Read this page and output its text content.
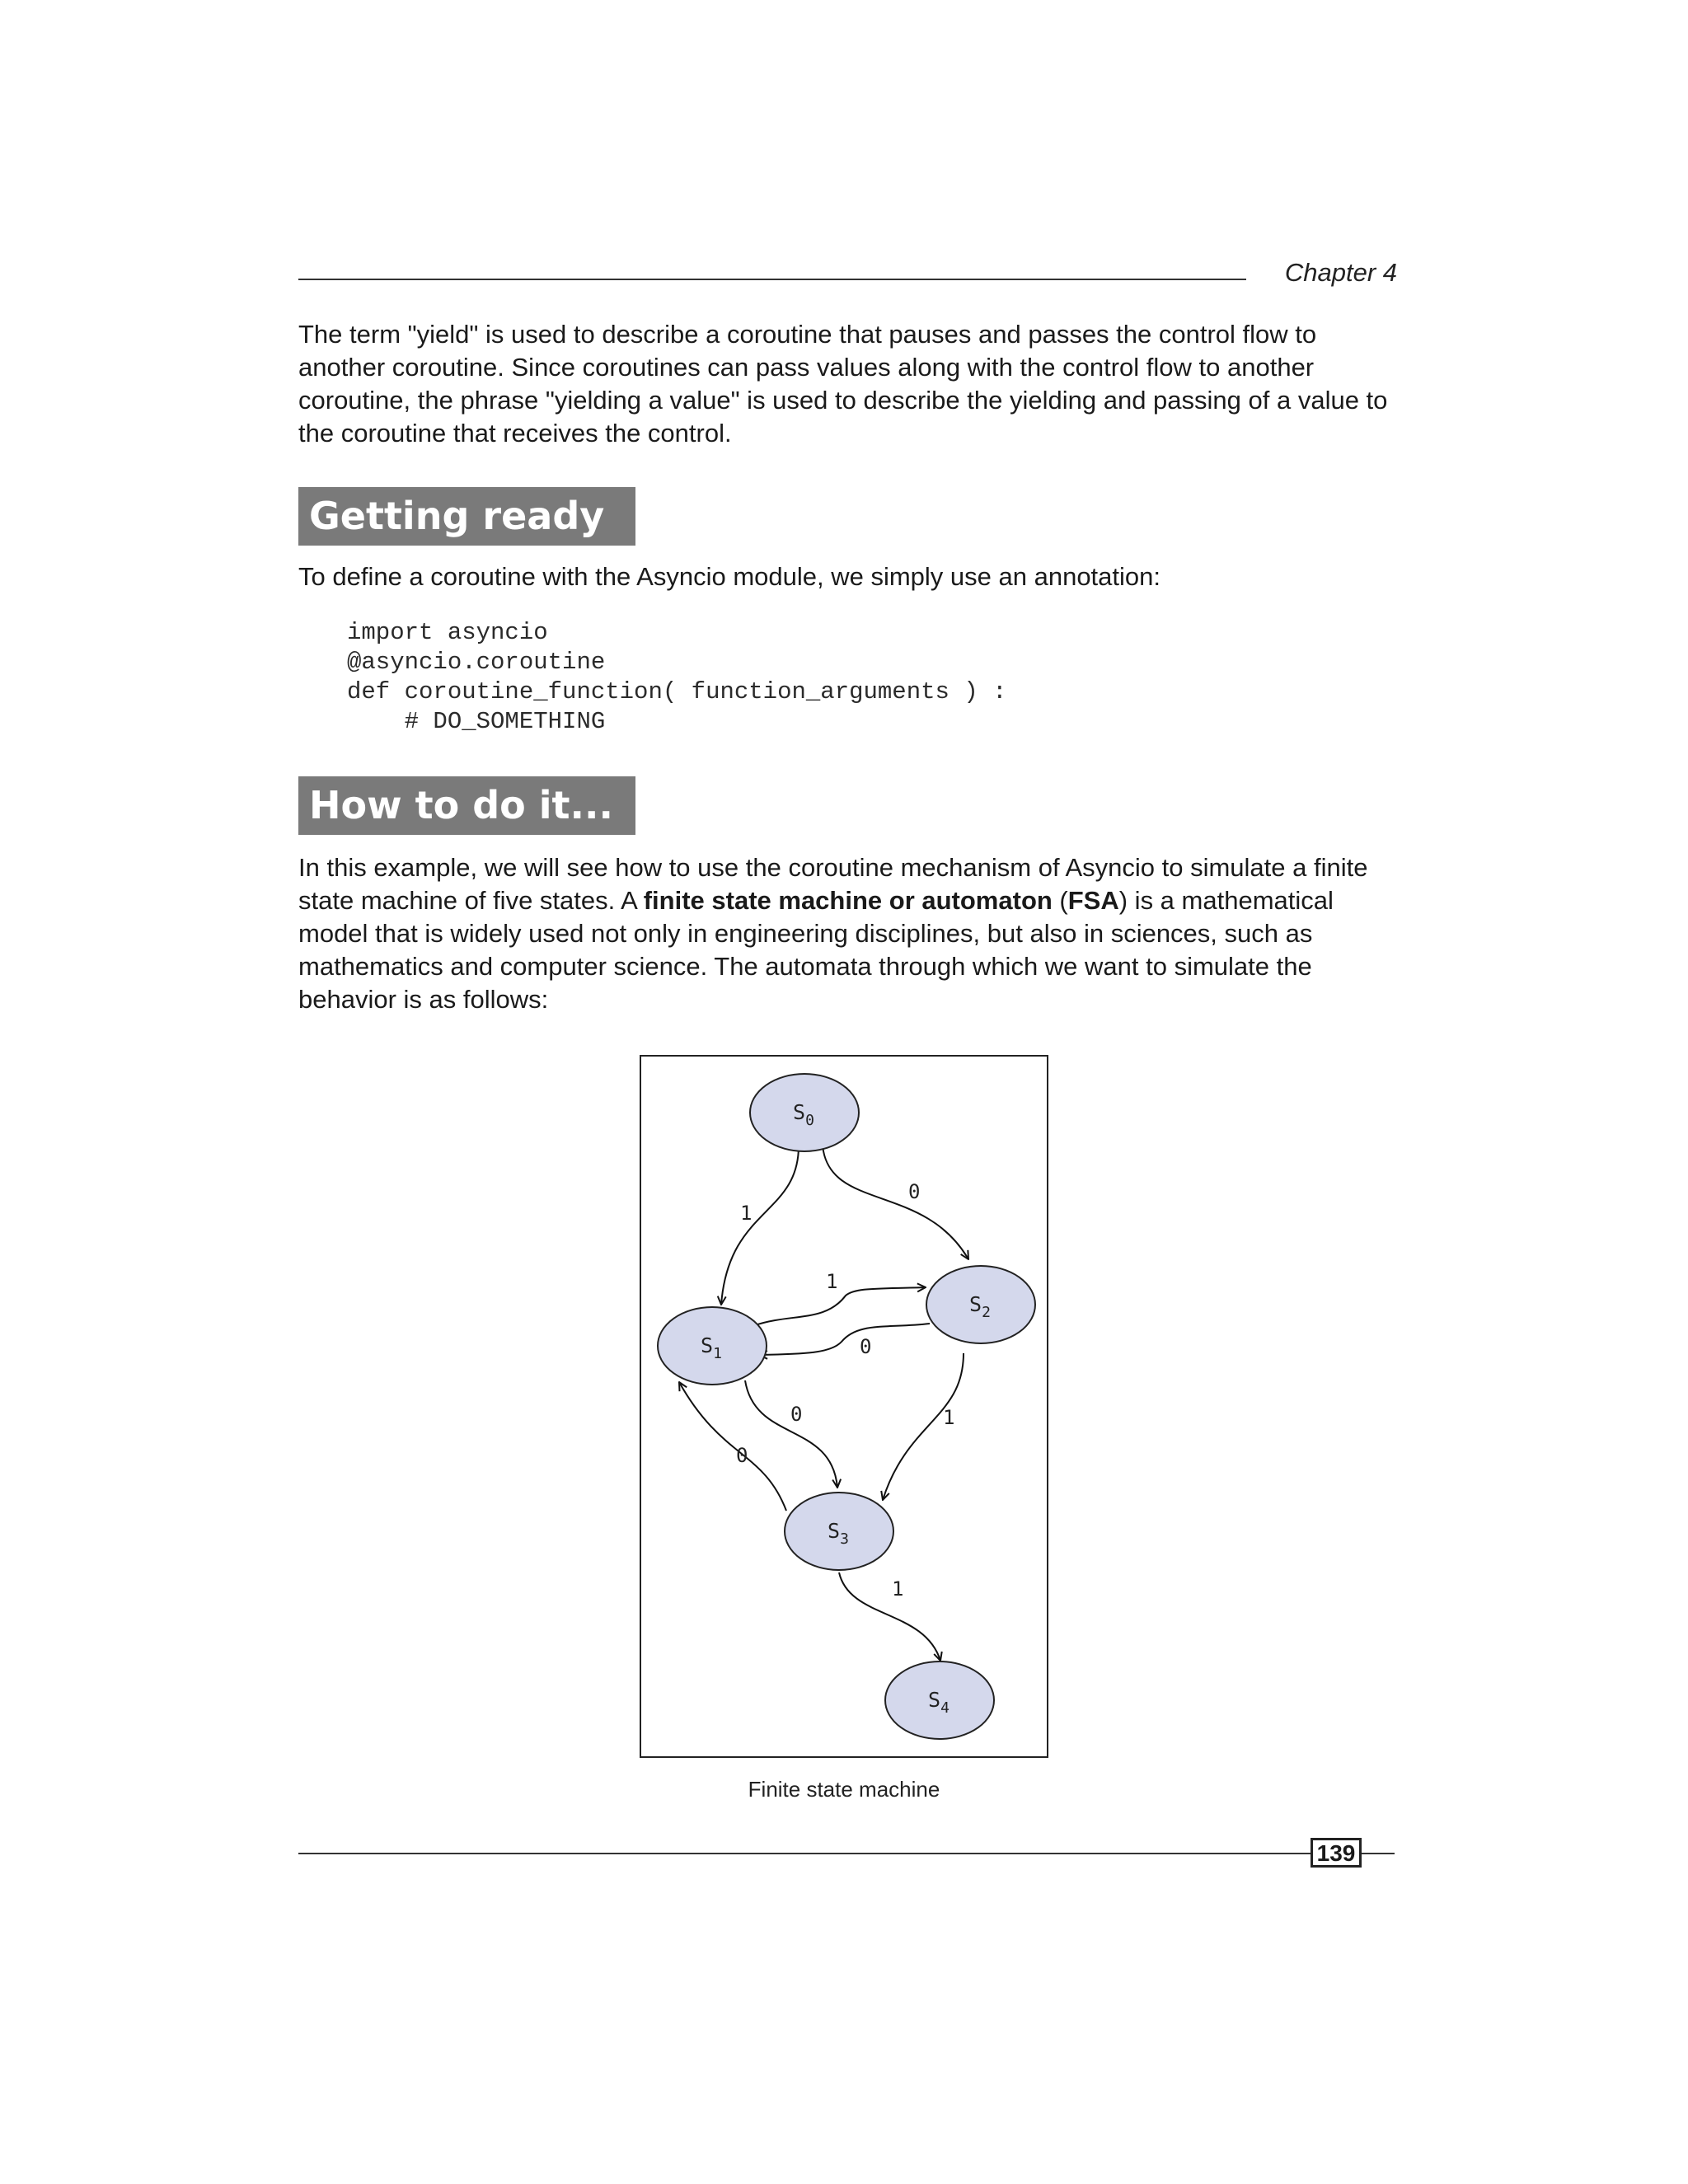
Chapter 4

The term "yield" is used to describe a coroutine that pauses and passes the control flow to another coroutine. Since coroutines can pass values along with the control flow to another coroutine, the phrase "yielding a value" is used to describe the yielding and passing of a value to the coroutine that receives the control.

Getting ready

To define a coroutine with the Asyncio module, we simply use an annotation:

import asyncio
@asyncio.coroutine
def coroutine_function( function_arguments ) :
# DO_SOMETHING
How to do it...

In this example, we will see how to use the coroutine mechanism of Asyncio to simulate a finite state machine of five states. A finite state machine or automaton (FSA) is a mathematical model that is widely used not only in engineering disciplines, but also in sciences, such as mathematics and computer science. The automata through which we want to simulate the behavior is as follows:

1
0
1
0
0
0
1
1
$S_0$
$S_1$
$S_2$
$S_3$
$S_4$
Finite state machine
139
